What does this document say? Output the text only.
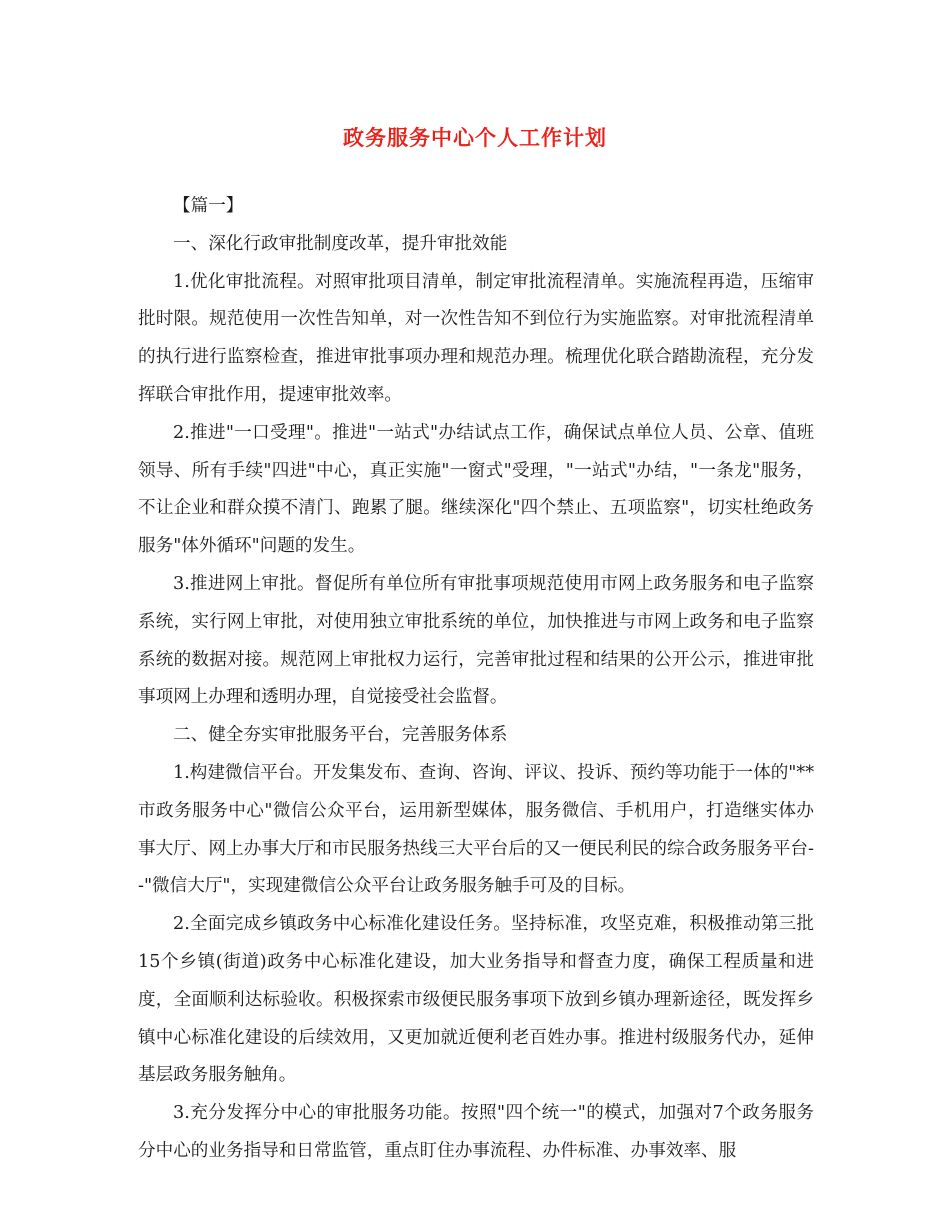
政务服务中心个人工作计划

【篇一】

一、深化行政审批制度改革，提升审批效能

1.优化审批流程。对照审批项目清单，制定审批流程清单。实施流程再造，压缩审批时限。规范使用一次性告知单，对一次性告知不到位行为实施监察。对审批流程清单的执行进行监察检查，推进审批事项办理和规范办理。梳理优化联合踏勘流程，充分发挥联合审批作用，提速审批效率。

2.推进"一口受理"。推进"一站式"办结试点工作，确保试点单位人员、公章、值班领导、所有手续"四进"中心，真正实施"一窗式"受理，"一站式"办结，"一条龙"服务，不让企业和群众摸不清门、跑累了腿。继续深化"四个禁止、五项监察"，切实杜绝政务服务"体外循环"问题的发生。

3.推进网上审批。督促所有单位所有审批事项规范使用市网上政务服务和电子监察系统，实行网上审批，对使用独立审批系统的单位，加快推进与市网上政务和电子监察系统的数据对接。规范网上审批权力运行，完善审批过程和结果的公开公示，推进审批事项网上办理和透明办理，自觉接受社会监督。

二、健全夯实审批服务平台，完善服务体系

1.构建微信平台。开发集发布、查询、咨询、评议、投诉、预约等功能于一体的"**市政务服务中心"微信公众平台，运用新型媒体，服务微信、手机用户，打造继实体办事大厅、网上办事大厅和市民服务热线三大平台后的又一便民利民的综合政务服务平台--"微信大厅"，实现建微信公众平台让政务服务触手可及的目标。

2.全面完成乡镇政务中心标准化建设任务。坚持标准，攻坚克难，积极推动第三批15个乡镇(街道)政务中心标准化建设，加大业务指导和督查力度，确保工程质量和进度，全面顺利达标验收。积极探索市级便民服务事项下放到乡镇办理新途径，既发挥乡镇中心标准化建设的后续效用，又更加就近便利老百姓办事。推进村级服务代办，延伸基层政务服务触角。

3.充分发挥分中心的审批服务功能。按照"四个统一"的模式，加强对7个政务服务分中心的业务指导和日常监管，重点盯住办事流程、办件标准、办事效率、服
